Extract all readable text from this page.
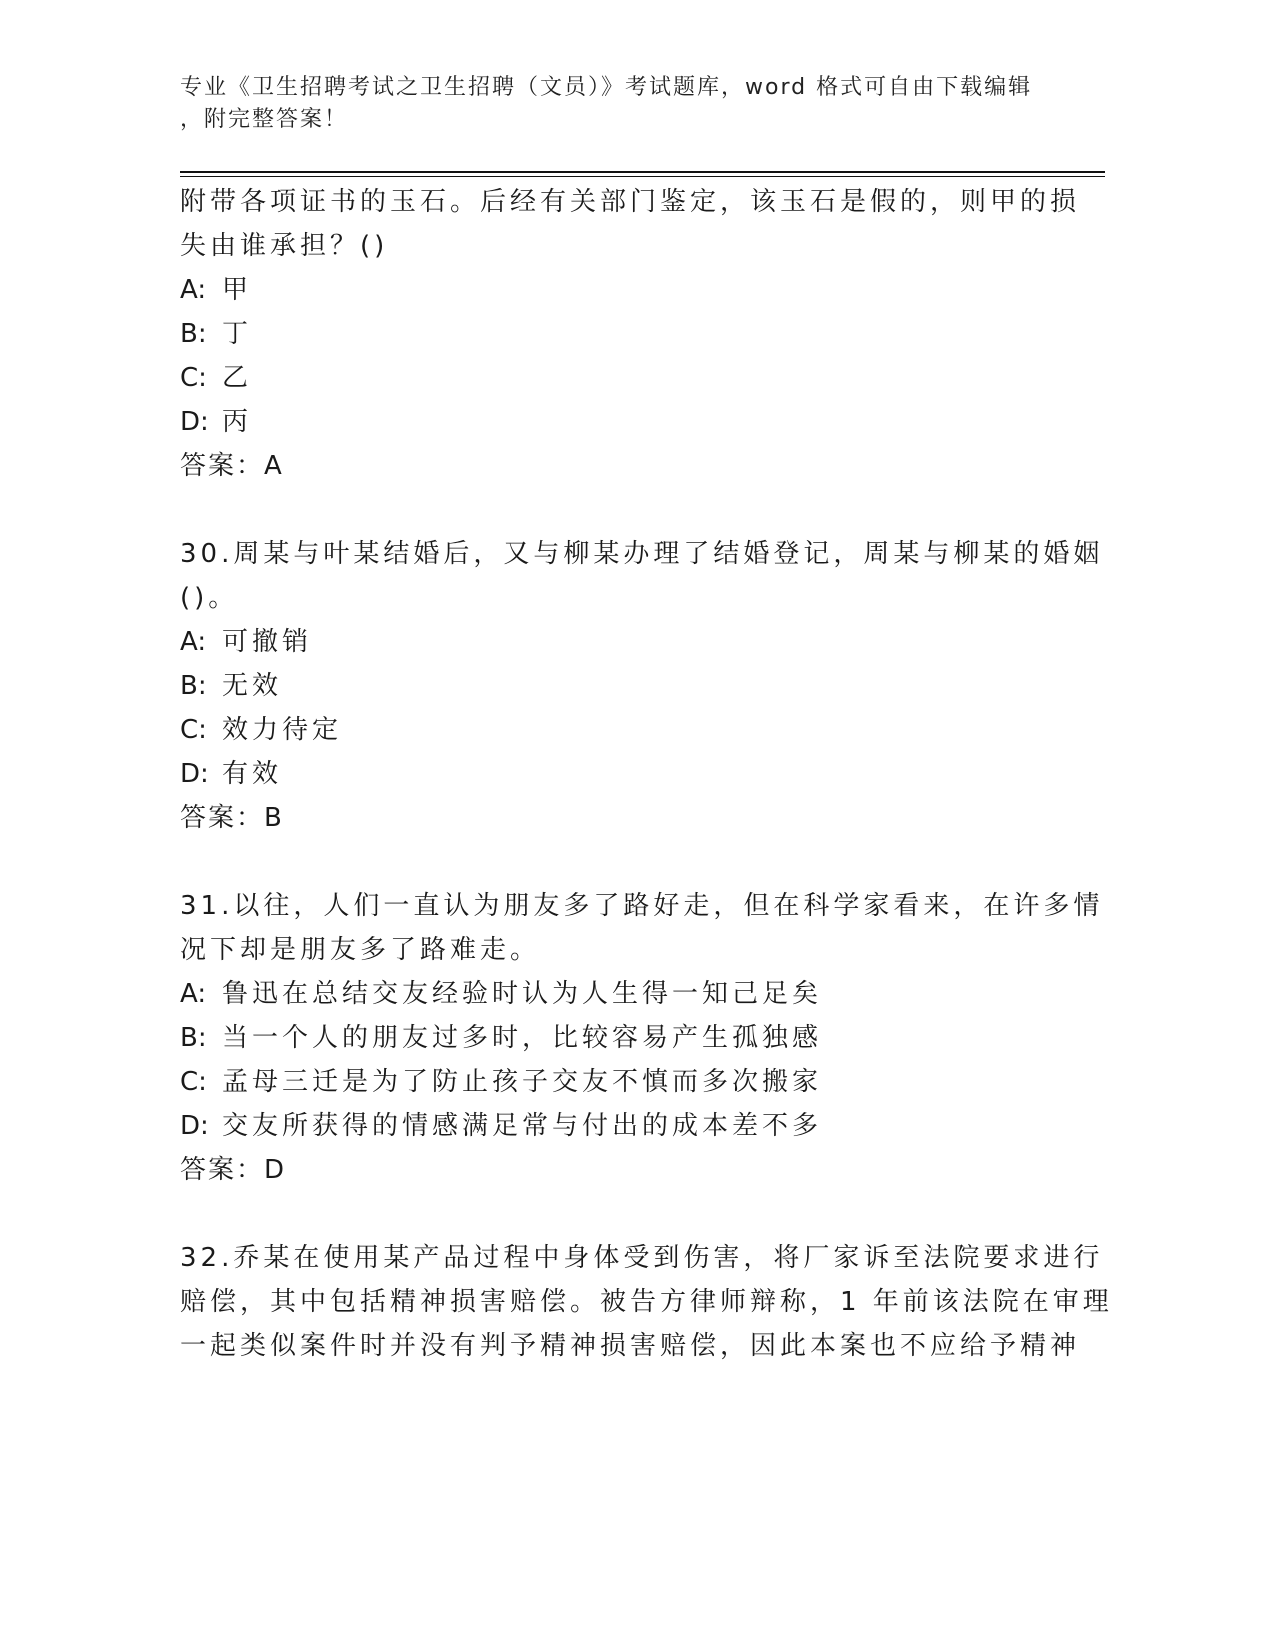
专业《卫生招聘考试之卫生招聘（文员）》考试题库，word 格式可自由下载编辑
，附完整答案！
附带各项证书的玉石。后经有关部门鉴定，该玉石是假的，则甲的损
失由谁承担？()
A: 甲
B: 丁
C: 乙
D: 丙
答案：A
30.周某与叶某结婚后，又与柳某办理了结婚登记，周某与柳某的婚姻
()。
A: 可撤销
B: 无效
C: 效力待定
D: 有效
答案：B
31.以往，人们一直认为朋友多了路好走，但在科学家看来，在许多情
况下却是朋友多了路难走。
A: 鲁迅在总结交友经验时认为人生得一知己足矣
B: 当一个人的朋友过多时，比较容易产生孤独感
C: 孟母三迁是为了防止孩子交友不慎而多次搬家
D: 交友所获得的情感满足常与付出的成本差不多
答案：D
32.乔某在使用某产品过程中身体受到伤害，将厂家诉至法院要求进行
赔偿，其中包括精神损害赔偿。被告方律师辩称，1 年前该法院在审理
一起类似案件时并没有判予精神损害赔偿，因此本案也不应给予精神
